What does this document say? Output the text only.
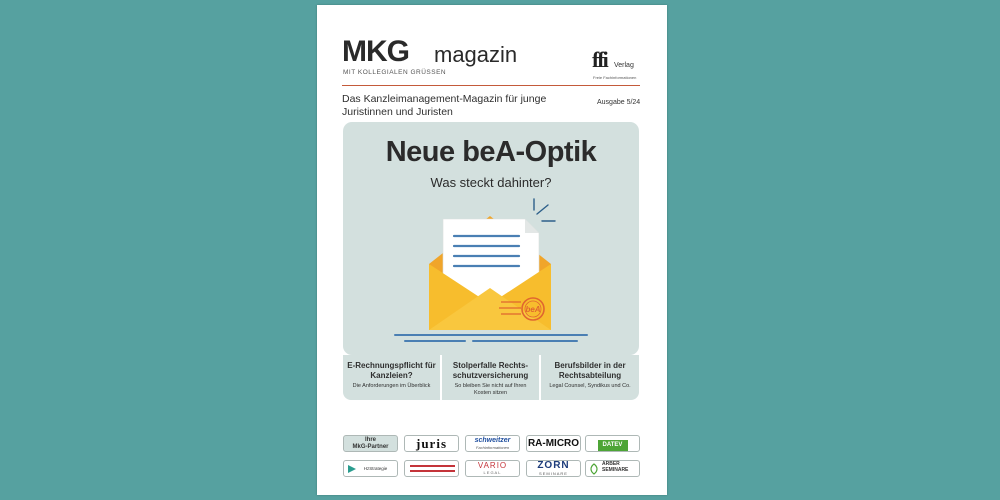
MKG magazin
MIT KOLLEGIALEN GRÜSSEN
ffi Verlag
Freie Fachinformationen
Das Kanzleimanagement-Magazin für junge Juristinnen und Juristen
Ausgabe 5/24
Neue beA-Optik
Was steckt dahinter?
beA
E-Rechnungspflicht für Kanzleien?
Die Anforderungen im Überblick
Stolperfalle Rechtsschutzversicherung
So bleiben Sie nicht auf Ihren Kosten sitzen
Berufsbilder in der Rechtsabteilung
Legal Counsel, Syndikus und Co.
Ihre
MkG-Partner	juris	schweitzer
Fachinformationen	RA-MICRO	DATEV
HzStrategie	VARIO
LEGAL
ZORN
SEMINARE
ARBER
SEMINARE
